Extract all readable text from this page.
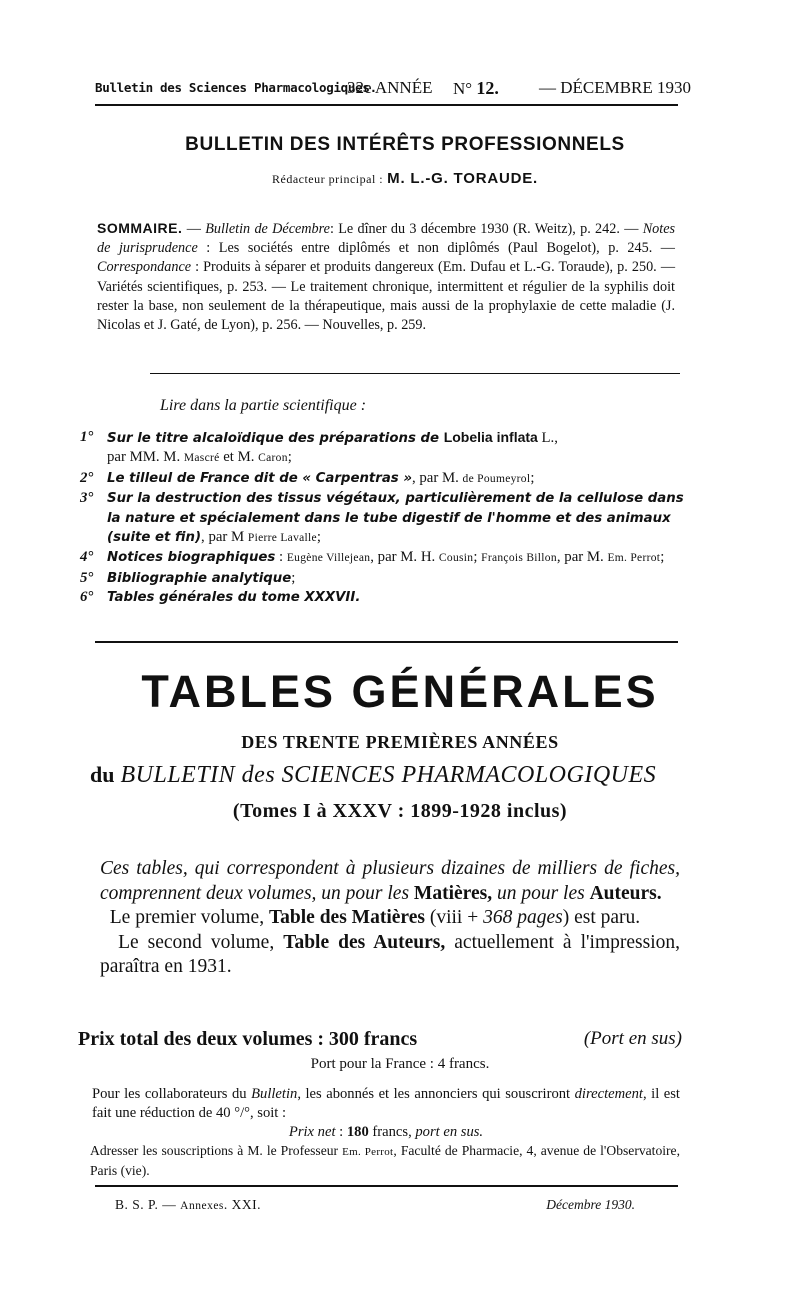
Bulletin des Sciences Pharmacologiques.
32e ANNÉE N° 12. — DÉCEMBRE 1930
BULLETIN DES INTÉRÊTS PROFESSIONNELS
Rédacteur principal : M. L.-G. TORAUDE.
SOMMAIRE. — Bulletin de Décembre: Le dîner du 3 décembre 1930 (R. Weitz), p. 242. — Notes de jurisprudence : Les sociétés entre diplômés et non diplômés (Paul Bogelot), p. 245. — Correspondance : Produits à séparer et produits dangereux (Em. Dufau et L.-G. Toraude), p. 250. — Variétés scientifiques, p. 253. — Le traitement chronique, intermittent et régulier de la syphilis doit rester la base, non seulement de la thérapeutique, mais aussi de la prophylaxie de cette maladie (J. Nicolas et J. Gaté, de Lyon), p. 256. — Nouvelles, p. 259.
Lire dans la partie scientifique :
1° Sur le titre alcaloïdique des préparations de Lobelia inflata L.,
par MM. M. Mascré et M. Caron;
2° Le tilleul de France dit de « Carpentras », par M. de Poumeyrol;
3° Sur la destruction des tissus végétaux, particulièrement de la cellulose dans la nature et spécialement dans le tube digestif de l'homme et des animaux (suite et fin), par M Pierre Lavalle;
4° Notices biographiques : Eugène Villejean, par M. H. Cousin; François Billon, par M. Em. Perrot;
5° Bibliographie analytique;
6° Tables générales du tome XXXVII.
TABLES GÉNÉRALES
DES TRENTE PREMIÈRES ANNÉES
du BULLETIN des SCIENCES PHARMACOLOGIQUES
(Tomes I à XXXV : 1899-1928 inclus)

Ces tables, qui correspondent à plusieurs dizaines de milliers de fiches, comprennent deux volumes, un pour les Matières, un pour les Auteurs.

Le premier volume, Table des Matières (viii + 368 pages) est paru.

Le second volume, Table des Auteurs, actuellement à l'impression, paraîtra en 1931.

Prix total des deux volumes : 300 francs	(Port en sus)
Port pour la France : 4 francs.

Pour les collaborateurs du Bulletin, les abonnés et les annonciers qui souscriront directement, il est fait une réduction de 40 °/°, soit :

Prix net : 180 francs, port en sus.

Adresser les souscriptions à M. le Professeur Em. Perrot, Faculté de Pharmacie, 4, avenue de l'Observatoire, Paris (vie).
B. S. P. — Annexes. XXI.	Décembre 1930.
